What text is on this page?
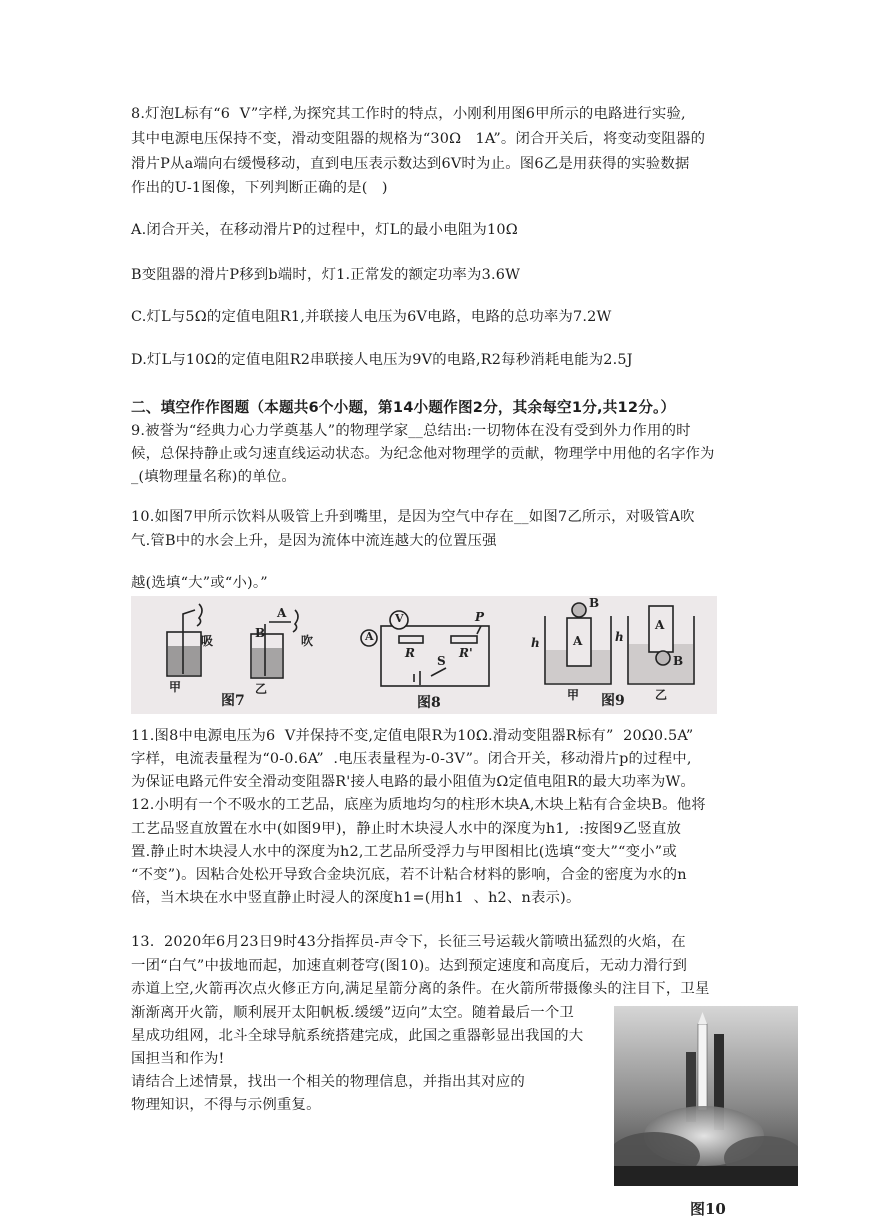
8.灯泡L标有“6  V”字样,为探究其工作时的特点，小刚利用图6甲所示的电路进行实验,
其中电源电压保持不变，滑动变阻器的规格为“30Ω   1A”。闭合开关后，将变动变阻器的
滑片P从a端向右缓慢移动，直到电压表示数达到6V时为止。图6乙是用获得的实验数据
作出的U-1图像，下列判断正确的是(   )
A.闭合开关，在移动滑片P的过程中，灯L的最小电阻为10Ω
B变阻器的滑片P移到b端时，灯1.正常发的额定功率为3.6W
C.灯L与5Ω的定值电阻R1,并联接人电压为6V电路，电路的总功率为7.2W
D.灯L与10Ω的定值电阻R2串联接人电压为9V的电路,R2每秒消耗电能为2.5J
二、填空作作图题（本题共6个小题，第14小题作图2分，其余每空1分,共12分。）
9.被誉为“经典力心力学奠基人”的物理学家__总结出:一切物体在没有受到外力作用的时
候，总保持静止或匀速直线运动状态。为纪念他对物理学的贡献，物理学中用他的名字作为
_(填物理量名称)的单位。
10.如图7甲所示饮料从吸管上升到嘴里，是因为空气中存在__如图7乙所示，对吸管A吹
气.管B中的水会上升，是因为流体中流连越大的位置压强
越(选填“大”或“小)。”
图7
甲	乙
吸	吹
A
B
图8
V
A
R	R'
P
S
图9
甲	乙
h	h
A
A
B
B
11.图8中电源电压为6  V并保持不变,定值电限R为10Ω.滑动变阻器R标有”  20Ω0.5A”
字样，电流表量程为“0-0.6A”  .电压表量程为-0-3V”。闭合开关，移动滑片p的过程中,
为保证电路元件安全滑动变阻器R'接人电路的最小阻值为Ω定值电阻R的最大功率为W。
12.小明有一个不吸水的工艺品，底座为质地均匀的柱形木块A,木块上粘有合金块B。他将
工艺品竖直放置在水中(如图9甲)，静止时木块浸人水中的深度为h1,  :按图9乙竖直放
置.静止时木块浸人水中的深度为h2,工艺品所受浮力与甲图相比(选填“变大”“变小”或
“不变”)。因粘合处松开导致合金块沉底，若不计粘合材料的影响，合金的密度为水的n
倍，当木块在水中竖直静止时浸人的深度h1=(用h1  、h2、n表示)。
13.  2020年6月23日9时43分指挥员-声令下，长征三号运载火箭喷出猛烈的火焰，在
一团“白气”中拔地而起，加速直刺苍穹(图10)。达到预定速度和高度后，无动力滑行到
赤道上空,火箭再次点火修正方向,满足星箭分离的条件。在火箭所带摄像头的注目下，卫星
渐渐离开火箭，顺利展开太阳帆板.缓缓”迈向”太空。随着最后一个卫
星成功组网，北斗全球导航系统搭建完成，此国之重器彰显出我国的大
国担当和作为!
请结合上述情景，找出一个相关的物理信息，并指出其对应的
物理知识，不得与示例重复。
图10
